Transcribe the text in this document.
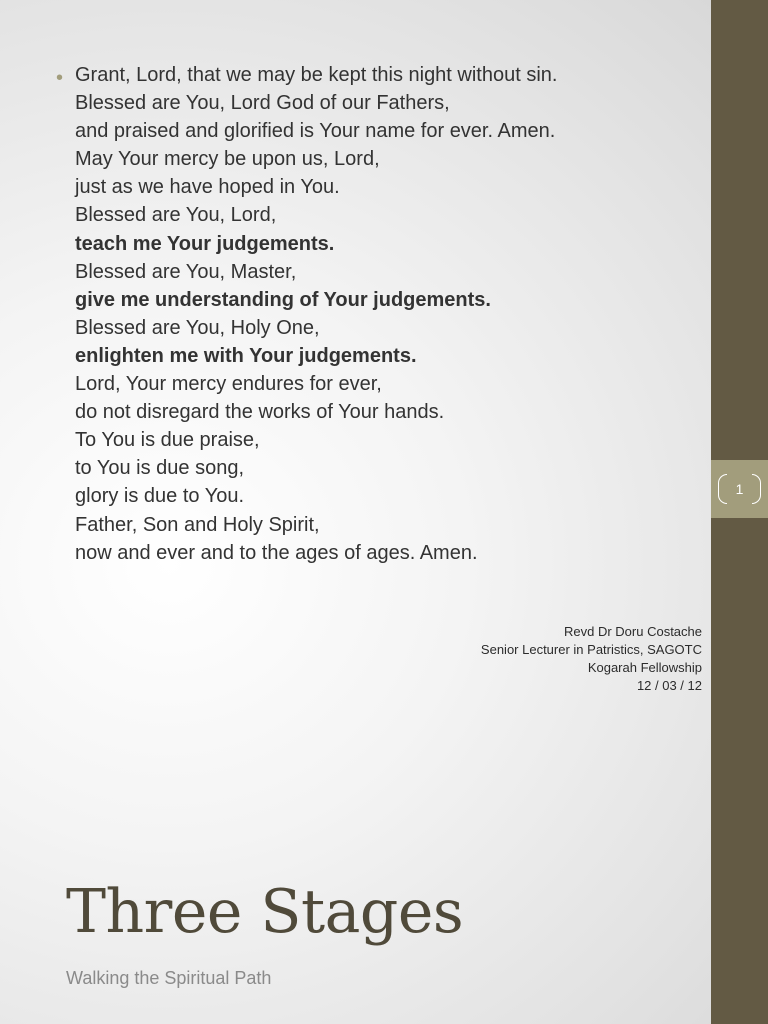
1
• Grant, Lord, that we may be kept this night without sin.
Blessed are You, Lord God of our Fathers,
and praised and glorified is Your name for ever. Amen.
May Your mercy be upon us, Lord,
just as we have hoped in You.
Blessed are You, Lord,
teach me Your judgements.
Blessed are You, Master,
give me understanding of Your judgements.
Blessed are You, Holy One,
enlighten me with Your judgements.
Lord, Your mercy endures for ever,
do not disregard the works of Your hands.
To You is due praise,
to You is due song,
glory is due to You.
Father, Son and Holy Spirit,
now and ever and to the ages of ages. Amen.
Revd Dr Doru Costache
Senior Lecturer in Patristics, SAGOTC
Kogarah Fellowship
12 / 03 / 12
Three Stages
Walking the Spiritual Path
